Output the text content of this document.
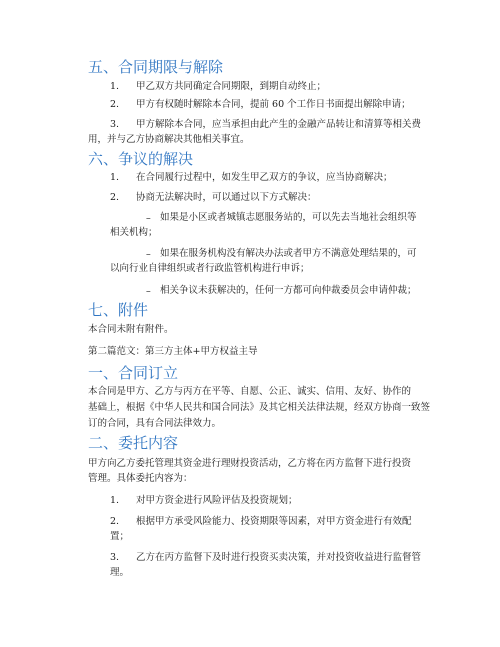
五、合同期限与解除
1. 甲乙双方共同确定合同期限，到期自动终止；
2. 甲方有权随时解除本合同，提前 60 个工作日书面提出解除申请；
3. 甲方解除本合同，应当承担由此产生的金融产品转让和清算等相关费
用，并与乙方协商解决其他相关事宜。
六、争议的解决
1. 在合同履行过程中，如发生甲乙双方的争议，应当协商解决；
2. 协商无法解决时，可以通过以下方式解决：
– 如果是小区或者城镇志愿服务站的，可以先去当地社会组织等
相关机构；
– 如果在服务机构没有解决办法或者甲方不满意处理结果的，可
以向行业自律组织或者行政监管机构进行申诉；
– 相关争议未获解决的，任何一方都可向仲裁委员会申请仲裁；
七、附件
本合同未附有附件。
第二篇范文：第三方主体+甲方权益主导
一、合同订立
本合同是甲方、乙方与丙方在平等、自愿、公正、诚实、信用、友好、协作的
基础上，根据《中华人民共和国合同法》及其它相关法律法规，经双方协商一致签
订的合同，具有合同法律效力。
二、委托内容
甲方向乙方委托管理其资金进行理财投资活动，乙方将在丙方监督下进行投资
管理。具体委托内容为：
1. 对甲方资金进行风险评估及投资规划；
2. 根据甲方承受风险能力、投资期限等因素，对甲方资金进行有效配
置；
3. 乙方在丙方监督下及时进行投资买卖决策，并对投资收益进行监督管
理。
